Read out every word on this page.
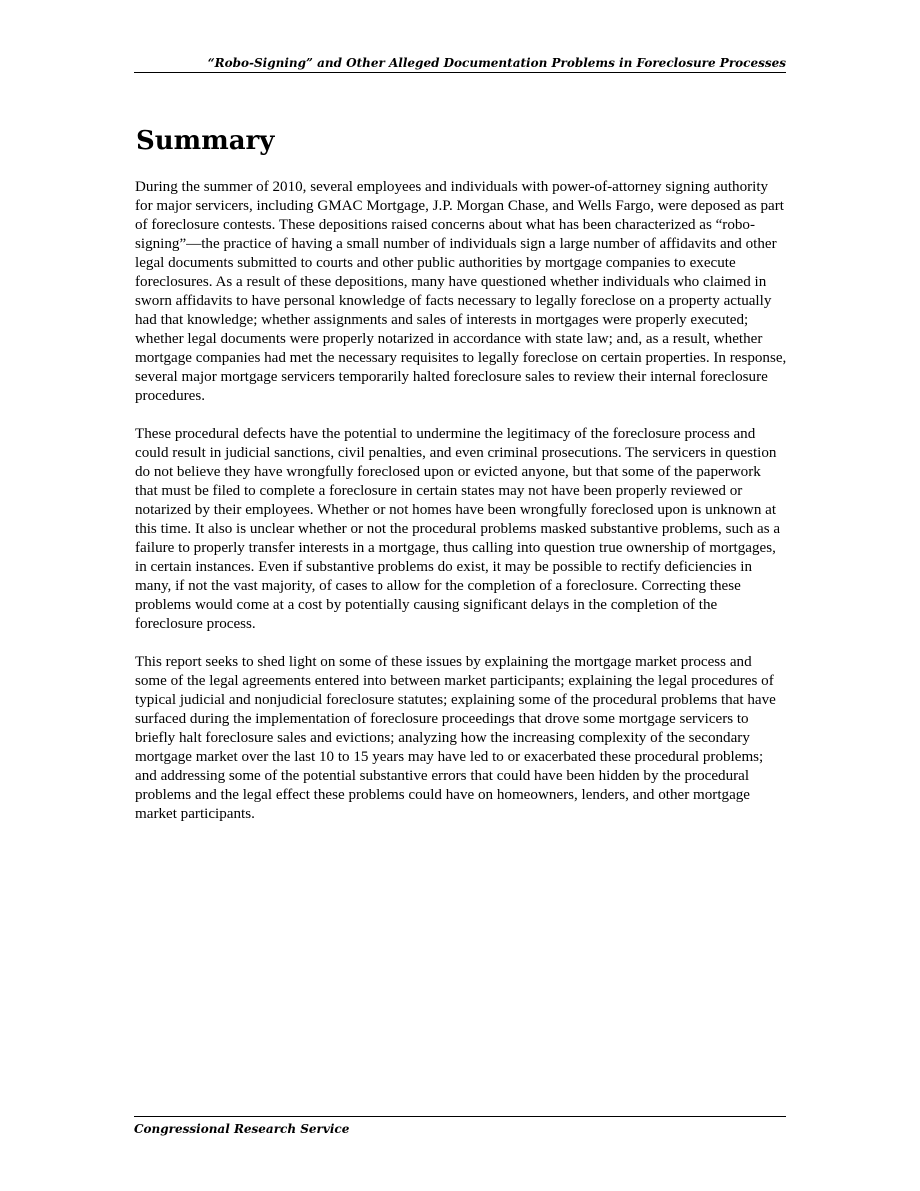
“Robo-Signing” and Other Alleged Documentation Problems in Foreclosure Processes
Summary

During the summer of 2010, several employees and individuals with power-of-attorney signing authority for major servicers, including GMAC Mortgage, J.P. Morgan Chase, and Wells Fargo, were deposed as part of foreclosure contests. These depositions raised concerns about what has been characterized as “robo-signing”—the practice of having a small number of individuals sign a large number of affidavits and other legal documents submitted to courts and other public authorities by mortgage companies to execute foreclosures. As a result of these depositions, many have questioned whether individuals who claimed in sworn affidavits to have personal knowledge of facts necessary to legally foreclose on a property actually had that knowledge; whether assignments and sales of interests in mortgages were properly executed; whether legal documents were properly notarized in accordance with state law; and, as a result, whether mortgage companies had met the necessary requisites to legally foreclose on certain properties. In response, several major mortgage servicers temporarily halted foreclosure sales to review their internal foreclosure procedures.

These procedural defects have the potential to undermine the legitimacy of the foreclosure process and could result in judicial sanctions, civil penalties, and even criminal prosecutions. The servicers in question do not believe they have wrongfully foreclosed upon or evicted anyone, but that some of the paperwork that must be filed to complete a foreclosure in certain states may not have been properly reviewed or notarized by their employees. Whether or not homes have been wrongfully foreclosed upon is unknown at this time. It also is unclear whether or not the procedural problems masked substantive problems, such as a failure to properly transfer interests in a mortgage, thus calling into question true ownership of mortgages, in certain instances. Even if substantive problems do exist, it may be possible to rectify deficiencies in many, if not the vast majority, of cases to allow for the completion of a foreclosure. Correcting these problems would come at a cost by potentially causing significant delays in the completion of the foreclosure process.

This report seeks to shed light on some of these issues by explaining the mortgage market process and some of the legal agreements entered into between market participants; explaining the legal procedures of typical judicial and nonjudicial foreclosure statutes; explaining some of the procedural problems that have surfaced during the implementation of foreclosure proceedings that drove some mortgage servicers to briefly halt foreclosure sales and evictions; analyzing how the increasing complexity of the secondary mortgage market over the last 10 to 15 years may have led to or exacerbated these procedural problems; and addressing some of the potential substantive errors that could have been hidden by the procedural problems and the legal effect these problems could have on homeowners, lenders, and other mortgage market participants.

Congressional Research Service
